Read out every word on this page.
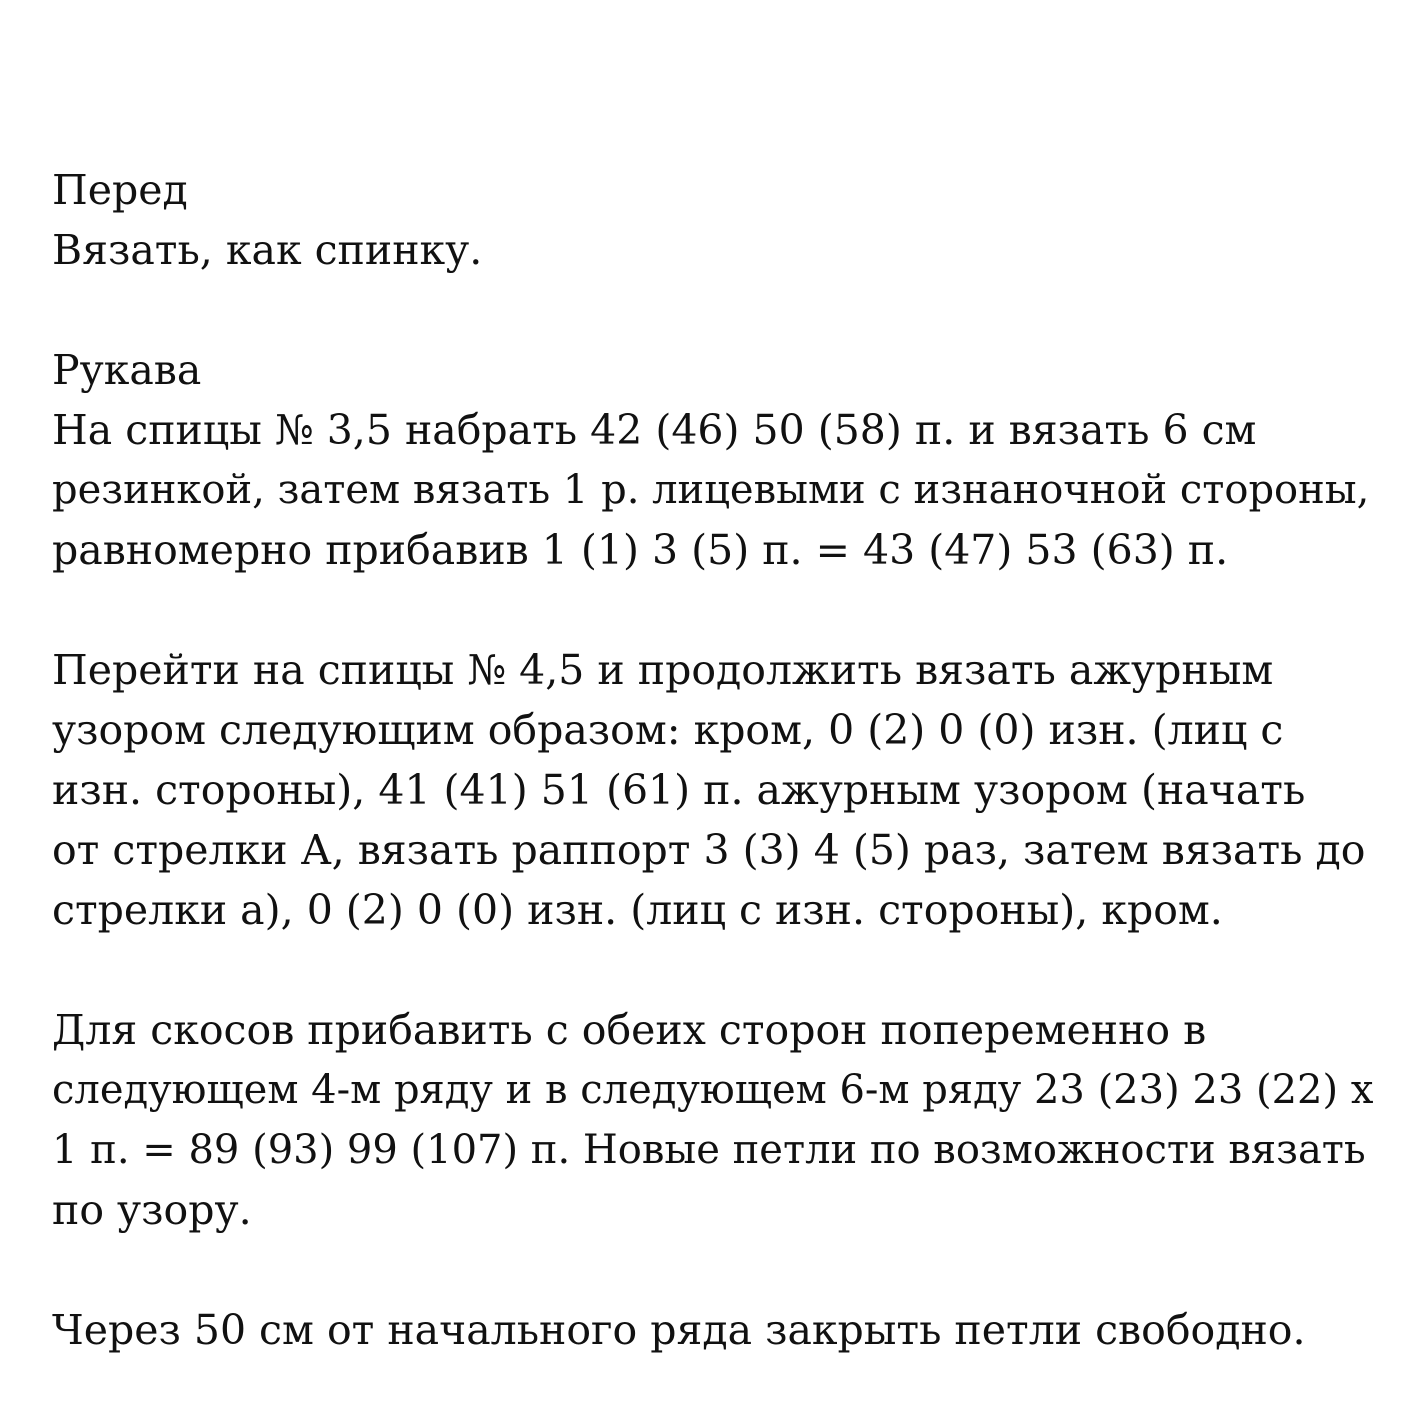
Перед
Вязать, как спинку.
Рукава
На спицы № 3,5 набрать 42 (46) 50 (58) п. и вязать 6 см
резинкой, затем вязать 1 р. лицевыми с изнаночной стороны,
равномерно прибавив 1 (1) 3 (5) п. = 43 (47) 53 (63) п.
Перейти на спицы № 4,5 и продолжить вязать ажурным
узором следующим образом: кром, 0 (2) 0 (0) изн. (лиц с
изн. стороны), 41 (41) 51 (61) п. ажурным узором (начать
от стрелки А, вязать раппорт 3 (3) 4 (5) раз, затем вязать до
стрелки а), 0 (2) 0 (0) изн. (лиц с изн. стороны), кром.
Для скосов прибавить с обеих сторон попеременно в
следующем 4-м ряду и в следующем 6-м ряду 23 (23) 23 (22) х
1 п. = 89 (93) 99 (107) п. Новые петли по возможности вязать
по узору.
Через 50 см от начального ряда закрыть петли свободно.
